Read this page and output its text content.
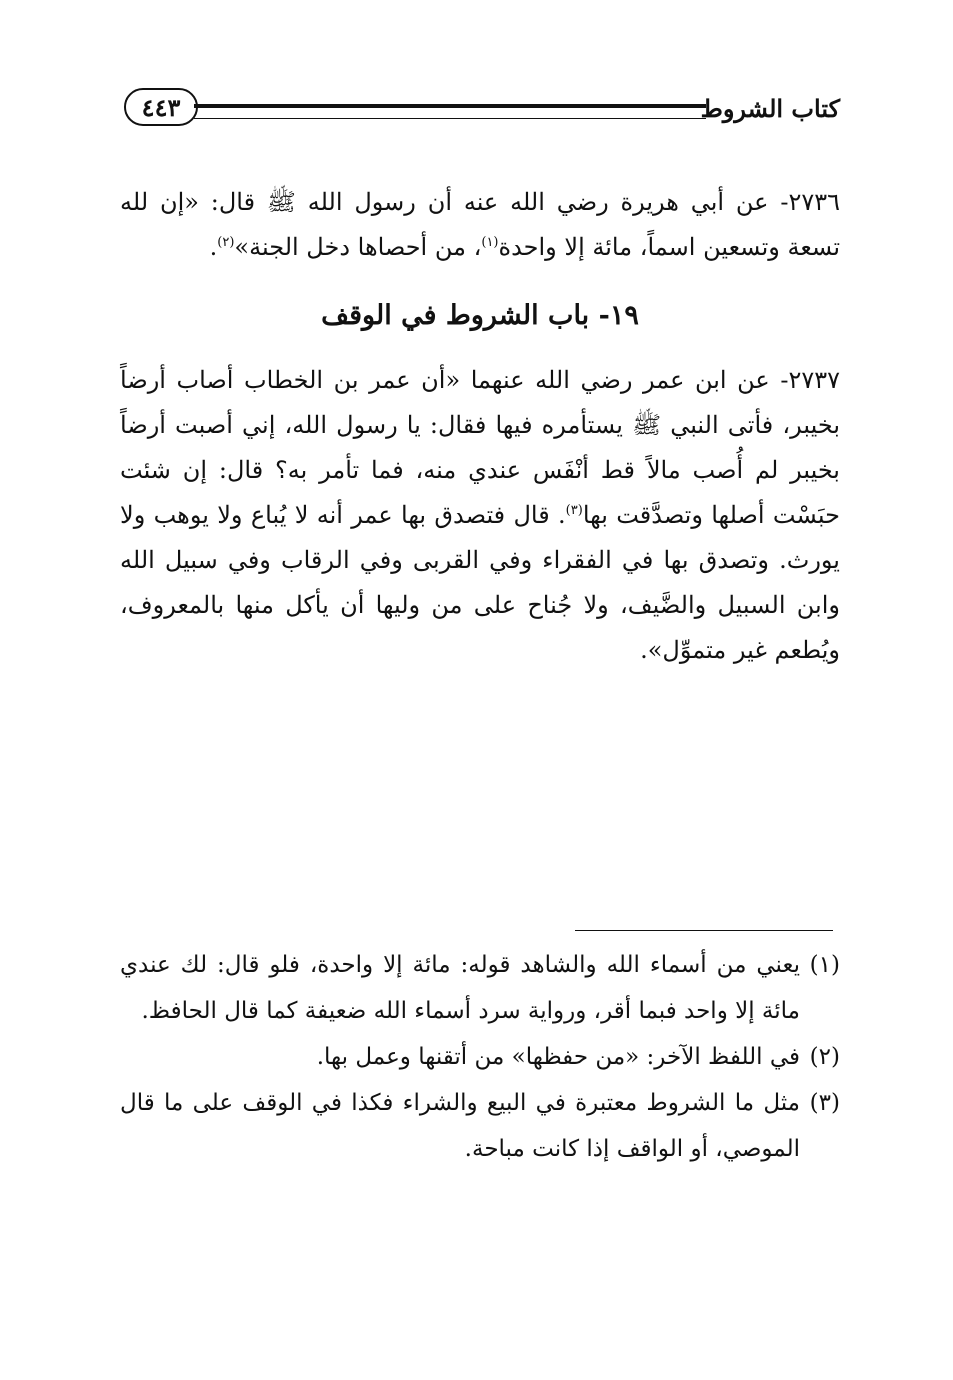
كتاب الشروط
٤٤٣

٢٧٣٦- عن أبي هريرة رضي الله عنه أن رسول الله ﷺ قال: «إن لله تسعة وتسعين اسماً، مائة إلا واحدة$^{(١)}$، من أحصاها دخل الجنة»$^{(٢)}$.

١٩- باب الشروط في الوقف

٢٧٣٧- عن ابن عمر رضي الله عنهما «أن عمر بن الخطاب أصاب أرضاً بخيبر، فأتى النبي ﷺ يستأمره فيها فقال: يا رسول الله، إني أصبت أرضاً بخيبر لم أُصب مالاً قط أنْفَس عندي منه، فما تأمر به؟ قال: إن شئت حبَسْت أصلها وتصدَّقت بها$^{(٣)}$. قال فتصدق بها عمر أنه لا يُباع ولا يوهب ولا يورث. وتصدق بها في الفقراء وفي القربى وفي الرقاب وفي سبيل الله وابن السبيل والضَّيف، ولا جُناح على من وليها أن يأكل منها بالمعروف، ويُطعم غير متموِّل».

(١)
يعني من أسماء الله والشاهد قوله: مائة إلا واحدة، فلو قال: لك عندي مائة إلا واحد فبما أقر، ورواية سرد أسماء الله ضعيفة كما قال الحافظ.
(٢)
في اللفظ الآخر: «من حفظها» من أتقنها وعمل بها.
(٣)
مثل ما الشروط معتبرة في البيع والشراء فكذا في الوقف على ما قال الموصي، أو الواقف إذا كانت مباحة.
